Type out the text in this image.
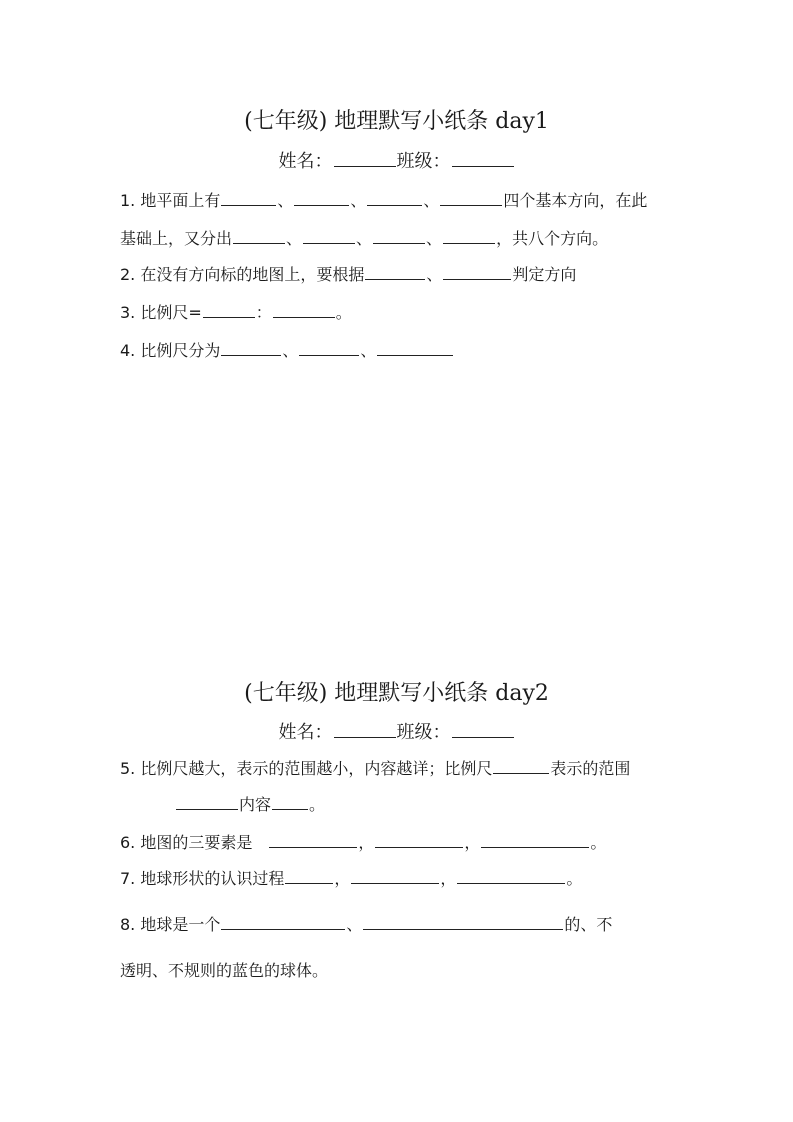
(七年级) 地理默写小纸条 day1
姓名：	班级：
1. 地平面上有	、	、	、	四个基本方向，在此
基础上，又分出	、	、	、	，共八个方向。
2. 在没有方向标的地图上，要根据	、	判定方向
3. 比例尺=	：	。
4. 比例尺分为	、	、
(七年级) 地理默写小纸条 day2
姓名：	班级：
5. 比例尺越大，表示的范围越小，内容越详；比例尺	表示的范围
内容 。
6. 地图的三要素是	，	，	。
7. 地球形状的认识过程	，	，	。
8. 地球是一个	、	的、不
透明、不规则的蓝色的球体。
